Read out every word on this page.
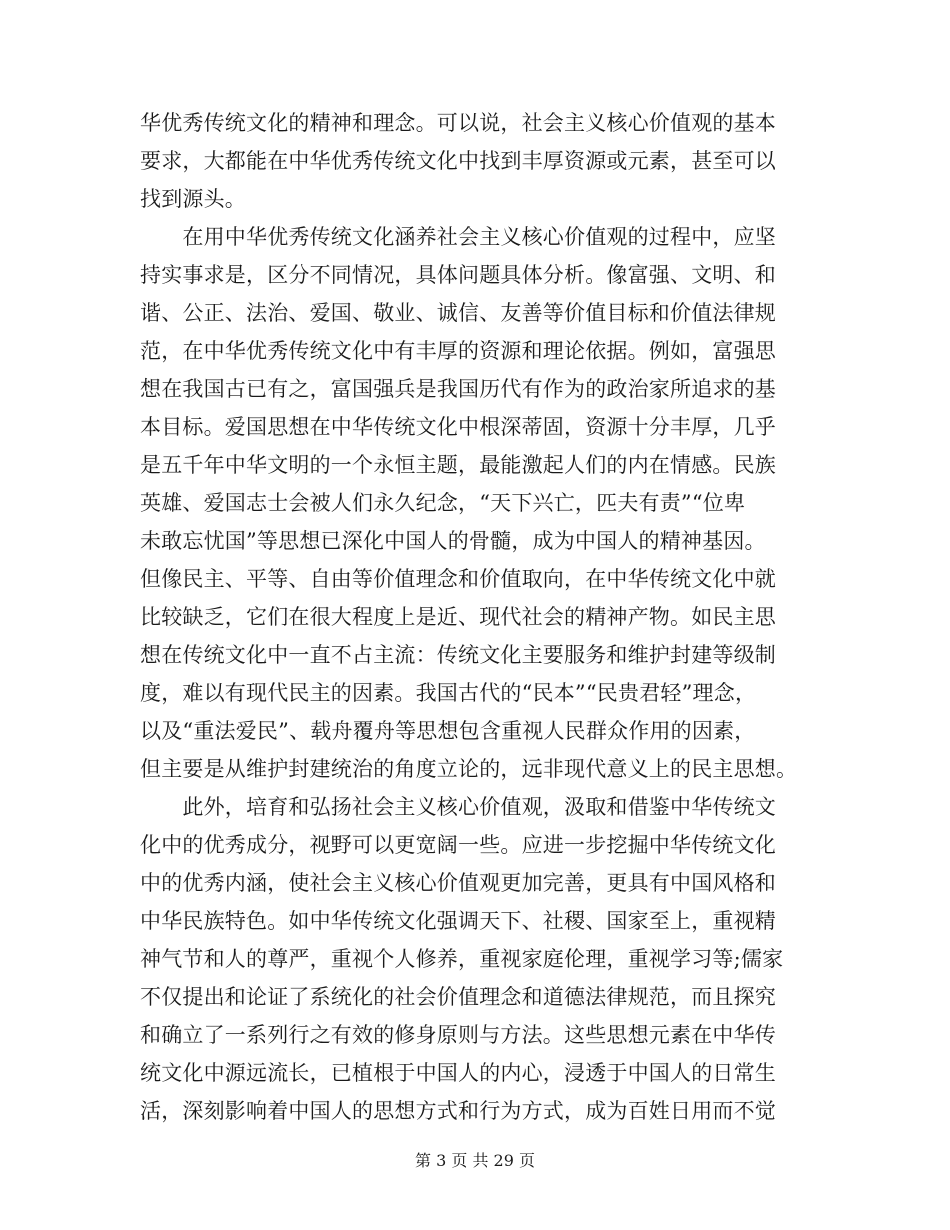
华优秀传统文化的精神和理念。可以说，社会主义核心价值观的基本
要求，大都能在中华优秀传统文化中找到丰厚资源或元素，甚至可以
找到源头。
　　在用中华优秀传统文化涵养社会主义核心价值观的过程中，应坚
持实事求是，区分不同情况，具体问题具体分析。像富强、文明、和
谐、公正、法治、爱国、敬业、诚信、友善等价值目标和价值法律规
范，在中华优秀传统文化中有丰厚的资源和理论依据。例如，富强思
想在我国古已有之，富国强兵是我国历代有作为的政治家所追求的基
本目标。爱国思想在中华传统文化中根深蒂固，资源十分丰厚，几乎
是五千年中华文明的一个永恒主题，最能激起人们的内在情感。民族
英雄、爱国志士会被人们永久纪念，“天下兴亡，匹夫有责”“位卑
未敢忘忧国”等思想已深化中国人的骨髓，成为中国人的精神基因。
但像民主、平等、自由等价值理念和价值取向，在中华传统文化中就
比较缺乏，它们在很大程度上是近、现代社会的精神产物。如民主思
想在传统文化中一直不占主流：传统文化主要服务和维护封建等级制
度，难以有现代民主的因素。我国古代的“民本”“民贵君轻”理念，
以及“重法爱民”、载舟覆舟等思想包含重视人民群众作用的因素，
但主要是从维护封建统治的角度立论的，远非现代意义上的民主思想。
　　此外，培育和弘扬社会主义核心价值观，汲取和借鉴中华传统文
化中的优秀成分，视野可以更宽阔一些。应进一步挖掘中华传统文化
中的优秀内涵，使社会主义核心价值观更加完善，更具有中国风格和
中华民族特色。如中华传统文化强调天下、社稷、国家至上，重视精
神气节和人的尊严，重视个人修养，重视家庭伦理，重视学习等;儒家
不仅提出和论证了系统化的社会价值理念和道德法律规范，而且探究
和确立了一系列行之有效的修身原则与方法。这些思想元素在中华传
统文化中源远流长，已植根于中国人的内心，浸透于中国人的日常生
活，深刻影响着中国人的思想方式和行为方式，成为百姓日用而不觉
第 3 页 共 29 页
